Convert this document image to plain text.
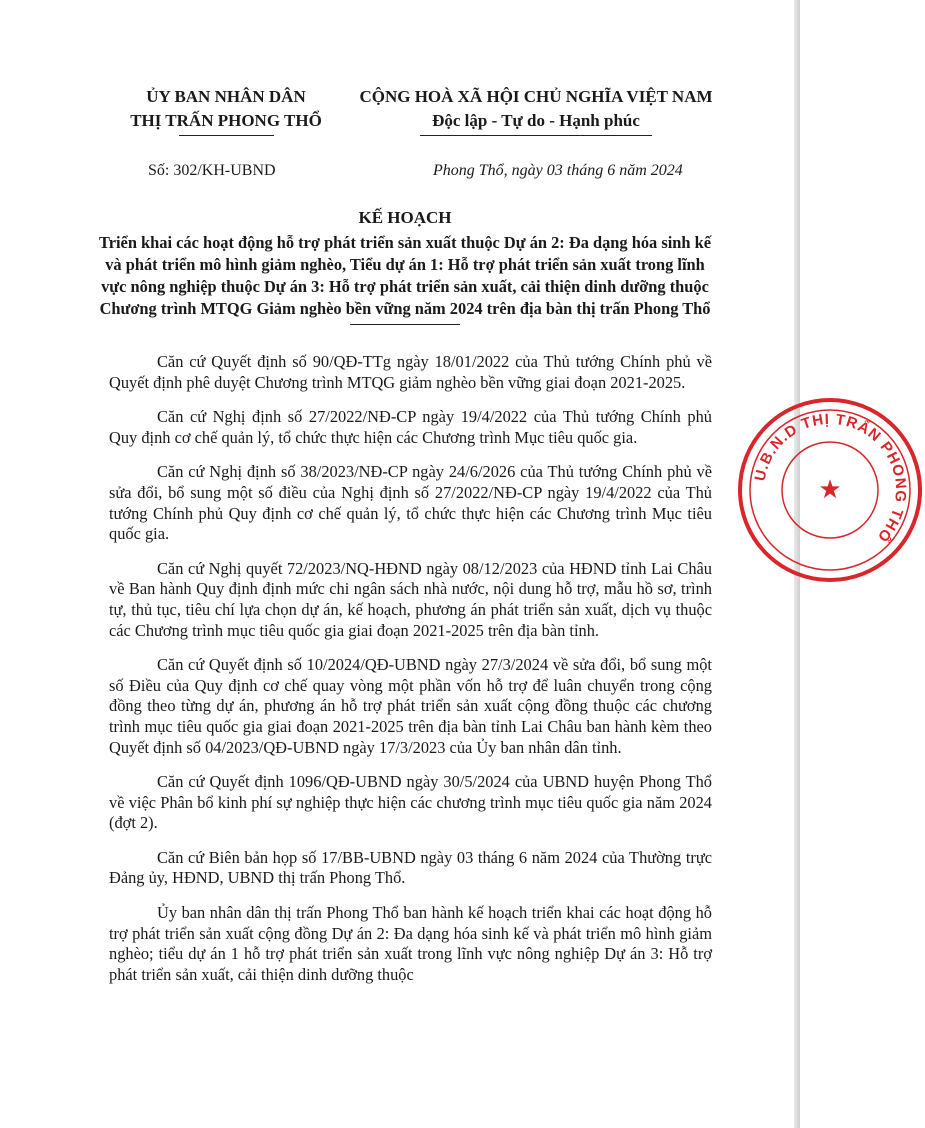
ỦY BAN NHÂN DÂN
THỊ TRẤN PHONG THỔ
CỘNG HOÀ XÃ HỘI CHỦ NGHĨA VIỆT NAM
Độc lập - Tự do - Hạnh phúc
Số: 302/KH-UBND	Phong Thổ, ngày 03 tháng 6 năm 2024
KẾ HOẠCH
Triển khai các hoạt động hỗ trợ phát triển sản xuất thuộc Dự án 2: Đa dạng hóa sinh kế và phát triển mô hình giảm nghèo, Tiểu dự án 1: Hỗ trợ phát triển sản xuất trong lĩnh vực nông nghiệp thuộc Dự án 3: Hỗ trợ phát triển sản xuất, cải thiện dinh dưỡng thuộc Chương trình MTQG Giảm nghèo bền vững năm 2024 trên địa bàn thị trấn Phong Thổ

Căn cứ Quyết định số 90/QĐ-TTg ngày 18/01/2022 của Thủ tướng Chính phủ về Quyết định phê duyệt Chương trình MTQG giảm nghèo bền vững giai đoạn 2021-2025.

Căn cứ Nghị định số 27/2022/NĐ-CP ngày 19/4/2022 của Thủ tướng Chính phủ Quy định cơ chế quản lý, tổ chức thực hiện các Chương trình Mục tiêu quốc gia.

Căn cứ Nghị định số 38/2023/NĐ-CP ngày 24/6/2026 của Thủ tướng Chính phủ về sửa đổi, bổ sung một số điều của Nghị định số 27/2022/NĐ-CP ngày 19/4/2022 của Thủ tướng Chính phủ Quy định cơ chế quản lý, tổ chức thực hiện các Chương trình Mục tiêu quốc gia.

Căn cứ Nghị quyết 72/2023/NQ-HĐND ngày 08/12/2023 của HĐND tỉnh Lai Châu về Ban hành Quy định định mức chi ngân sách nhà nước, nội dung hỗ trợ, mẫu hồ sơ, trình tự, thủ tục, tiêu chí lựa chọn dự án, kế hoạch, phương án phát triển sản xuất, dịch vụ thuộc các Chương trình mục tiêu quốc gia giai đoạn 2021-2025 trên địa bàn tỉnh.

Căn cứ Quyết định số 10/2024/QĐ-UBND ngày 27/3/2024 về sửa đổi, bổ sung một số Điều của Quy định cơ chế quay vòng một phần vốn hỗ trợ để luân chuyển trong cộng đồng theo từng dự án, phương án hỗ trợ phát triển sản xuất cộng đồng thuộc các chương trình mục tiêu quốc gia giai đoạn 2021-2025 trên địa bàn tỉnh Lai Châu ban hành kèm theo Quyết định số 04/2023/QĐ-UBND ngày 17/3/2023 của Ủy ban nhân dân tỉnh.

Căn cứ Quyết định 1096/QĐ-UBND ngày 30/5/2024 của UBND huyện Phong Thổ về việc Phân bổ kinh phí sự nghiệp thực hiện các chương trình mục tiêu quốc gia năm 2024 (đợt 2).

Căn cứ Biên bản họp số 17/BB-UBND ngày 03 tháng 6 năm 2024 của Thường trực Đảng ủy, HĐND, UBND thị trấn Phong Thổ.

Ủy ban nhân dân thị trấn Phong Thổ ban hành kế hoạch triển khai các hoạt động hỗ trợ phát triển sản xuất cộng đồng Dự án 2: Đa dạng hóa sinh kế và phát triển mô hình giảm nghèo; tiểu dự án 1 hỗ trợ phát triển sản xuất trong lĩnh vực nông nghiệp Dự án 3: Hỗ trợ phát triển sản xuất, cải thiện dinh dưỡng thuộc

U.B.N.D THỊ TRẤN PHONG THỔ
★
